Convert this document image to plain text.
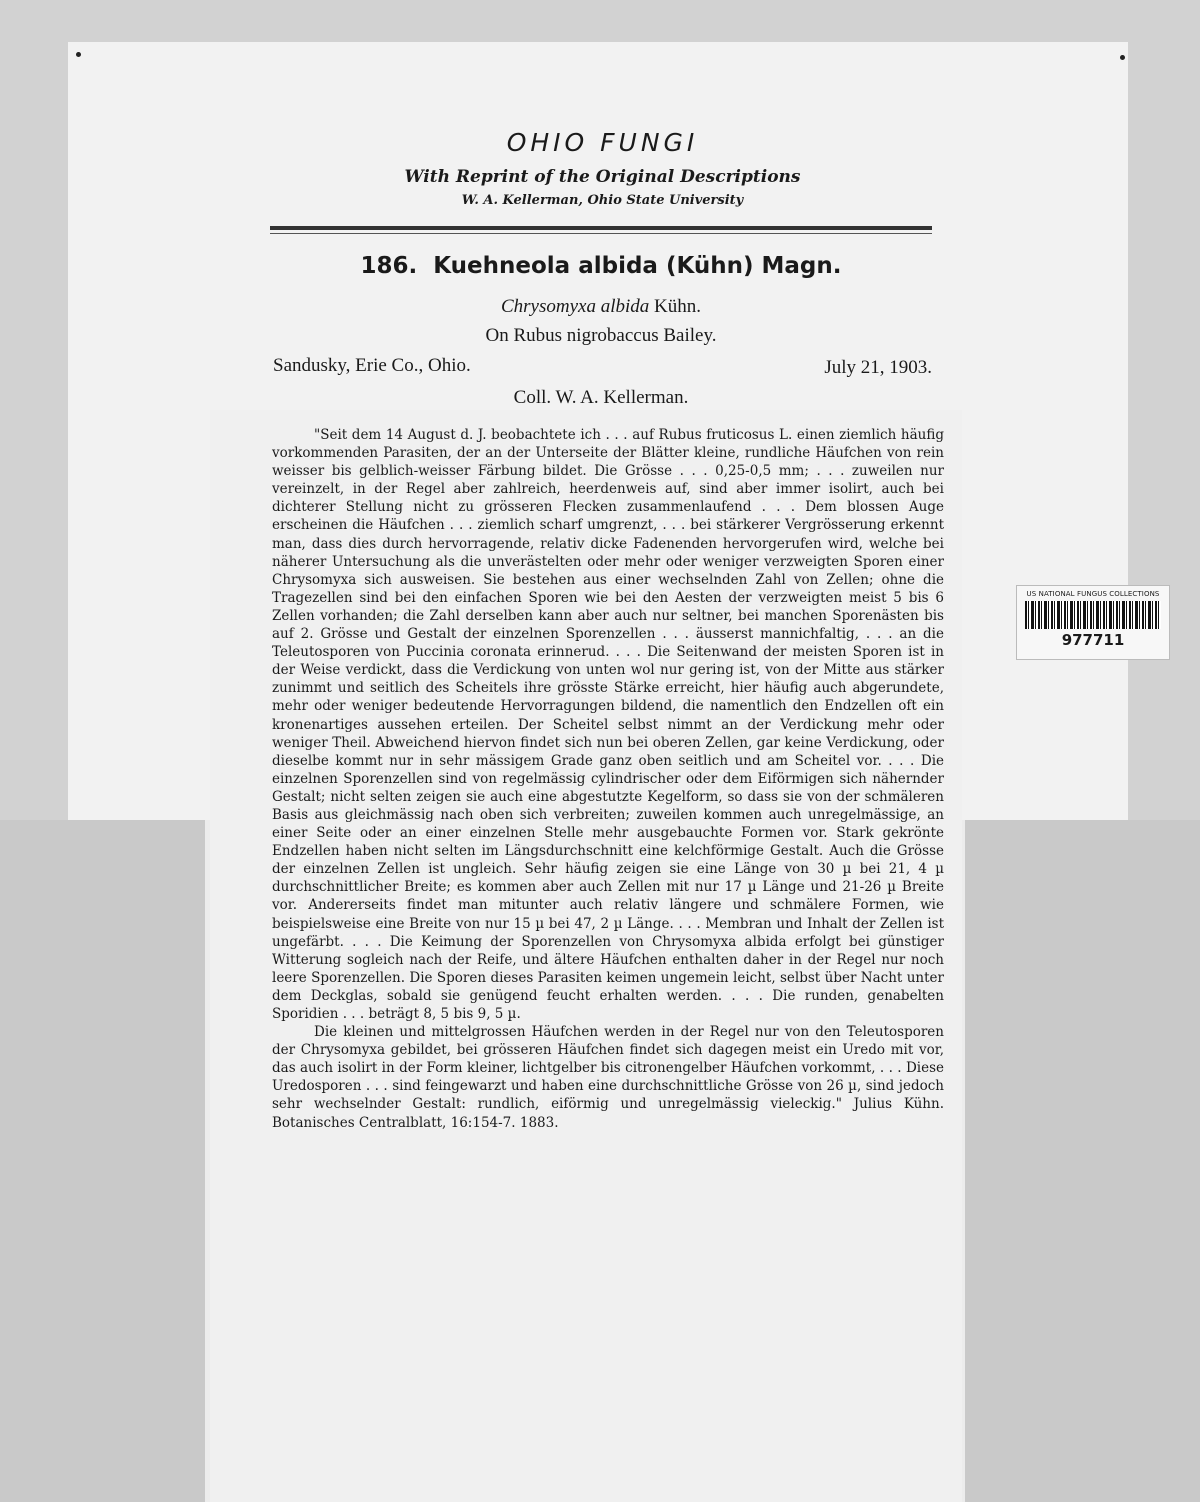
OHIO FUNGI
With Reprint of the Original Descriptions
W. A. Kellerman, Ohio State University
186. Kuehneola albida (Kühn) Magn.
Chrysomyxa albida Kühn.
On Rubus nigrobaccus Bailey.
Sandusky, Erie Co., Ohio.	July 21, 1903.
Coll. W. A. Kellerman.

"Seit dem 14 August d. J. beobachtete ich . . . auf Rubus fruticosus L. einen ziemlich häufig vorkommenden Parasiten, der an der Unterseite der Blätter kleine, rundliche Häufchen von rein weisser bis gelblich-weisser Färbung bildet. Die Grösse . . . 0,25-0,5 mm; . . . zuweilen nur vereinzelt, in der Regel aber zahlreich, heerdenweis auf, sind aber immer isolirt, auch bei dichterer Stellung nicht zu grösseren Flecken zusammenlaufend . . . Dem blossen Auge erscheinen die Häufchen . . . ziemlich scharf umgrenzt, . . . bei stärkerer Vergrösserung erkennt man, dass dies durch hervorragende, relativ dicke Fadenenden hervorgerufen wird, welche bei näherer Untersuchung als die unverästelten oder mehr oder weniger verzweigten Sporen einer Chrysomyxa sich ausweisen. Sie bestehen aus einer wechselnden Zahl von Zellen; ohne die Tragezellen sind bei den einfachen Sporen wie bei den Aesten der verzweigten meist 5 bis 6 Zellen vorhanden; die Zahl derselben kann aber auch nur seltner, bei manchen Sporenästen bis auf 2. Grösse und Gestalt der einzelnen Sporenzellen . . . äusserst mannichfaltig, . . . an die Teleutosporen von Puccinia coronata erinnerud. . . . Die Seitenwand der meisten Sporen ist in der Weise verdickt, dass die Verdickung von unten wol nur gering ist, von der Mitte aus stärker zunimmt und seitlich des Scheitels ihre grösste Stärke erreicht, hier häufig auch abgerundete, mehr oder weniger bedeutende Hervorragungen bildend, die namentlich den Endzellen oft ein kronenartiges aussehen erteilen. Der Scheitel selbst nimmt an der Verdickung mehr oder weniger Theil. Abweichend hiervon findet sich nun bei oberen Zellen, gar keine Verdickung, oder dieselbe kommt nur in sehr mässigem Grade ganz oben seitlich und am Scheitel vor. . . . Die einzelnen Sporenzellen sind von regelmässig cylindrischer oder dem Eiförmigen sich nähernder Gestalt; nicht selten zeigen sie auch eine abgestutzte Kegelform, so dass sie von der schmäleren Basis aus gleichmässig nach oben sich verbreiten; zuweilen kommen auch unregelmässige, an einer Seite oder an einer einzelnen Stelle mehr ausgebauchte Formen vor. Stark gekrönte Endzellen haben nicht selten im Längsdurchschnitt eine kelchförmige Gestalt. Auch die Grösse der einzelnen Zellen ist ungleich. Sehr häufig zeigen sie eine Länge von 30 µ bei 21, 4 µ durchschnittlicher Breite; es kommen aber auch Zellen mit nur 17 µ Länge und 21-26 µ Breite vor. Andererseits findet man mitunter auch relativ längere und schmälere Formen, wie beispielsweise eine Breite von nur 15 µ bei 47, 2 µ Länge. . . . Membran und Inhalt der Zellen ist ungefärbt. . . . Die Keimung der Sporenzellen von Chrysomyxa albida erfolgt bei günstiger Witterung sogleich nach der Reife, und ältere Häufchen enthalten daher in der Regel nur noch leere Sporenzellen. Die Sporen dieses Parasiten keimen ungemein leicht, selbst über Nacht unter dem Deckglas, sobald sie genügend feucht erhalten werden. . . . Die runden, genabelten Sporidien . . . beträgt 8, 5 bis 9, 5 µ.

Die kleinen und mittelgrossen Häufchen werden in der Regel nur von den Teleutosporen der Chrysomyxa gebildet, bei grösseren Häufchen findet sich dagegen meist ein Uredo mit vor, das auch isolirt in der Form kleiner, lichtgelber bis citronengelber Häufchen vorkommt, . . . Diese Uredosporen . . . sind feingewarzt und haben eine durchschnittliche Grösse von 26 µ, sind jedoch sehr wechselnder Gestalt: rundlich, eiförmig und unregelmässig vieleckig." Julius Kühn. Botanisches Centralblatt, 16:154-7. 1883.

US NATIONAL FUNGUS COLLECTIONS
977711
